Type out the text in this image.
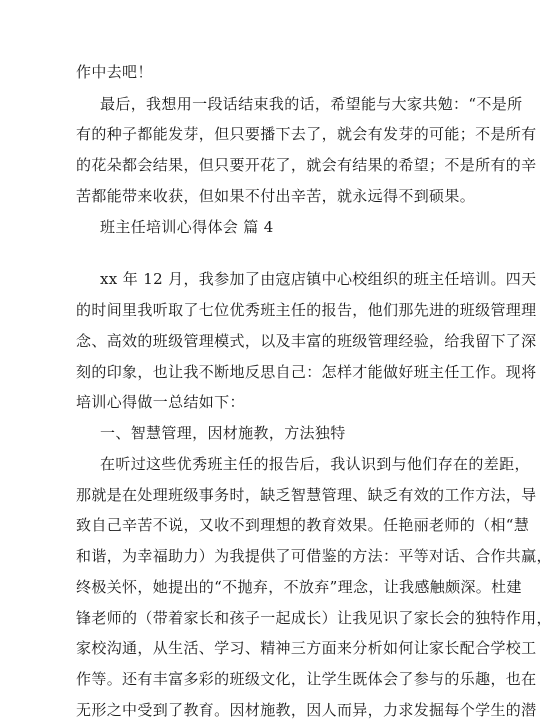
作中去吧！
最后，我想用一段话结束我的话，希望能与大家共勉：“不是所
有的种子都能发芽，但只要播下去了，就会有发芽的可能；不是所有
的花朵都会结果，但只要开花了，就会有结果的希望；不是所有的辛
苦都能带来收获，但如果不付出辛苦，就永远得不到硕果。
班主任培训心得体会 篇 4
xx 年 12 月，我参加了由寇店镇中心校组织的班主任培训。四天
的时间里我听取了七位优秀班主任的报告，他们那先进的班级管理理
念、高效的班级管理模式，以及丰富的班级管理经验，给我留下了深
刻的印象，也让我不断地反思自己：怎样才能做好班主任工作。现将
培训心得做一总结如下：
一、智慧管理，因材施教，方法独特
在听过这些优秀班主任的报告后，我认识到与他们存在的差距，
那就是在处理班级事务时，缺乏智慧管理、缺乏有效的工作方法，导
致自己辛苦不说，又收不到理想的教育效果。任艳丽老师的（相“慧
和谐，为幸福助力）为我提供了可借鉴的方法：平等对话、合作共赢，
终极关怀，她提出的“不抛弃，不放弃”理念，让我感触颇深。杜建
锋老师的（带着家长和孩子一起成长）让我见识了家长会的独特作用，
家校沟通，从生活、学习、精神三方面来分析如何让家长配合学校工
作等。还有丰富多彩的班级文化，让学生既体会了参与的乐趣，也在
无形之中受到了教育。因材施教，因人而异，力求发掘每个学生的潜
